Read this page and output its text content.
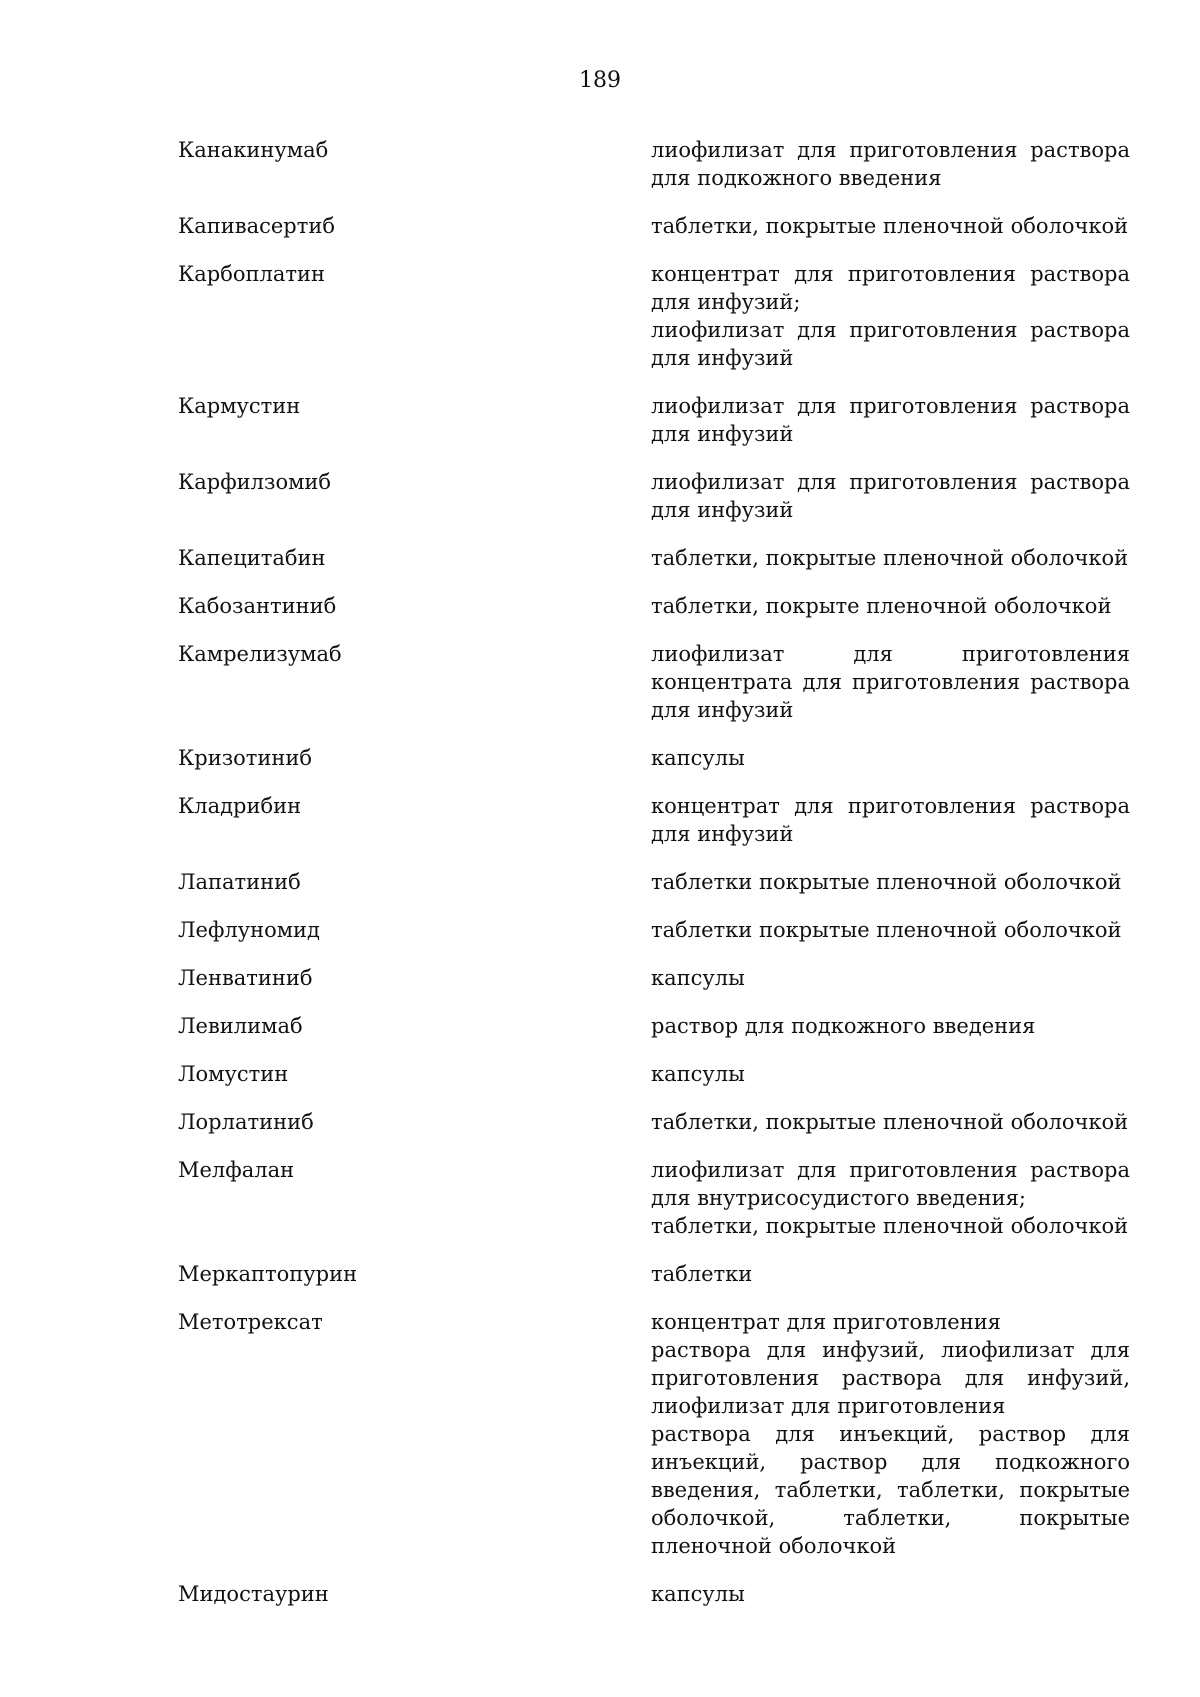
189
Канакинумаб	лиофилизат для приготовления раствора для подкожного введения
Капивасертиб	таблетки, покрытые пленочной оболочкой
Карбоплатин	концентрат для приготовления раствора для инфузий;
лиофилизат для приготовления раствора для инфузий
Кармустин	лиофилизат для приготовления раствора для инфузий
Карфилзомиб	лиофилизат для приготовления раствора для инфузий
Капецитабин	таблетки, покрытые пленочной оболочкой
Кабозантиниб	таблетки, покрыте пленочной оболочкой
Камрелизумаб	лиофилизат для приготовления концентрата для приготовления раствора для инфузий
Кризотиниб	капсулы
Кладрибин	концентрат для приготовления раствора для инфузий
Лапатиниб	таблетки покрытые пленочной оболочкой
Лефлуномид	таблетки покрытые пленочной оболочкой
Ленватиниб	капсулы
Левилимаб	раствор для подкожного введения
Ломустин	капсулы
Лорлатиниб	таблетки, покрытые пленочной оболочкой
Мелфалан	лиофилизат для приготовления раствора для внутрисосудистого введения;
таблетки, покрытые пленочной оболочкой
Меркаптопурин	таблетки
Метотрексат	концентрат для приготовления
раствора для инфузий, лиофилизат для приготовления раствора для инфузий, лиофилизат для приготовления
раствора для инъекций, раствор для инъекций, раствор для подкожного введения, таблетки, таблетки, покрытые оболочкой, таблетки, покрытые пленочной оболочкой
Мидостаурин	капсулы
